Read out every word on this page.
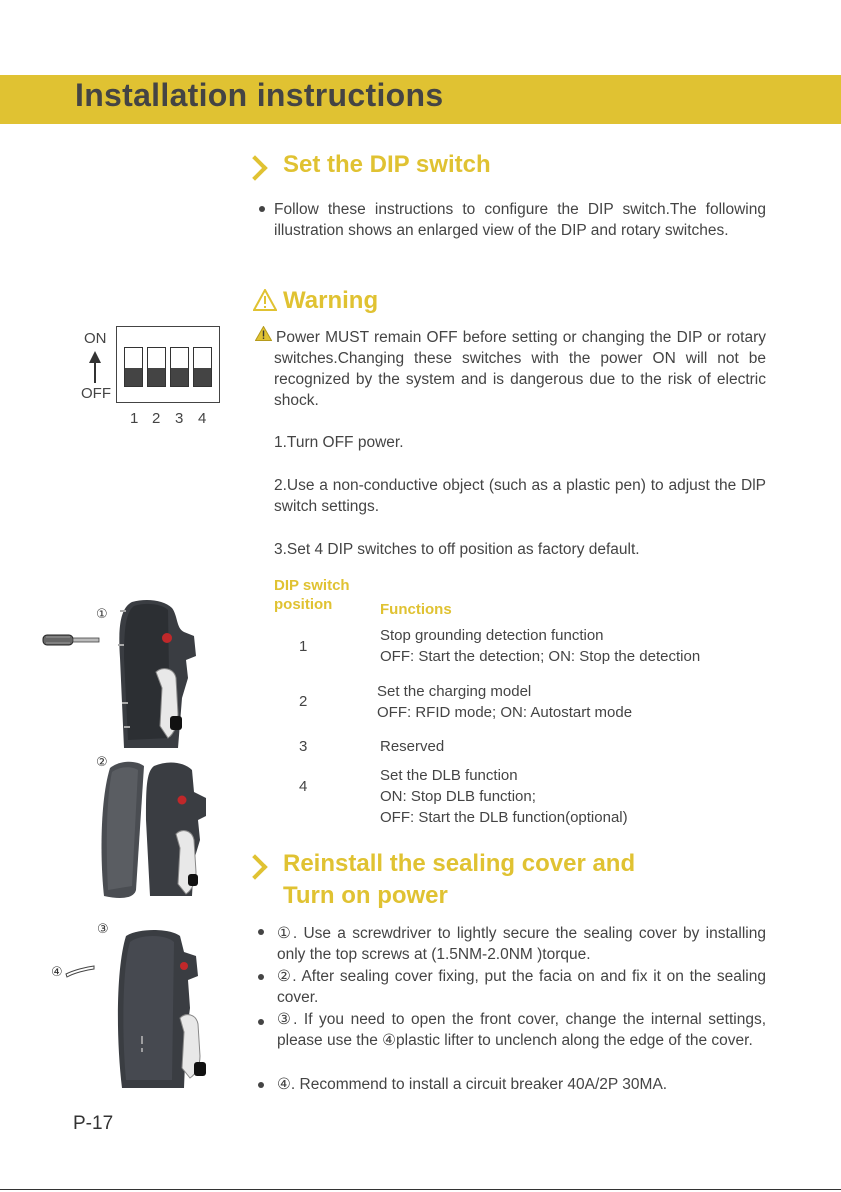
Installation instructions
Set the DIP switch
Follow these instructions to configure the DIP switch.The following illustration shows an enlarged view of the DIP and rotary switches.
Warning
Power MUST remain OFF before setting or changing the DIP or rotary switches.Changing these switches with the power ON will not be recognized by the system and is dangerous due to the risk of electric shock.
1.Turn OFF power.
2.Use a non-conductive object (such as a plastic pen) to adjust the DlP switch settings.
3.Set 4 DIP switches to off position as factory default.
ON
OFF
1 2 3 4
DIP switch position	Functions
1
Stop grounding detection function
OFF: Start the detection; ON: Stop the detection
2
Set the charging model
OFF: RFID mode; ON: Autostart mode
3	Reserved
4
Set the DLB function
ON: Stop DLB function;
OFF: Start the DLB function(optional)
Reinstall the sealing cover and
Turn on power
①. Use a screwdriver to lightly secure the sealing cover by installing only the top screws at (1.5NM-2.0NM )torque.
②. After sealing cover fixing, put the facia on and fix it on the sealing cover.
③. If you need to open the front cover, change the internal settings, please use the ④plastic lifter to unclench along the edge of the cover.
④. Recommend to install a circuit breaker 40A/2P 30MA.
①
②
③
④
P-17
